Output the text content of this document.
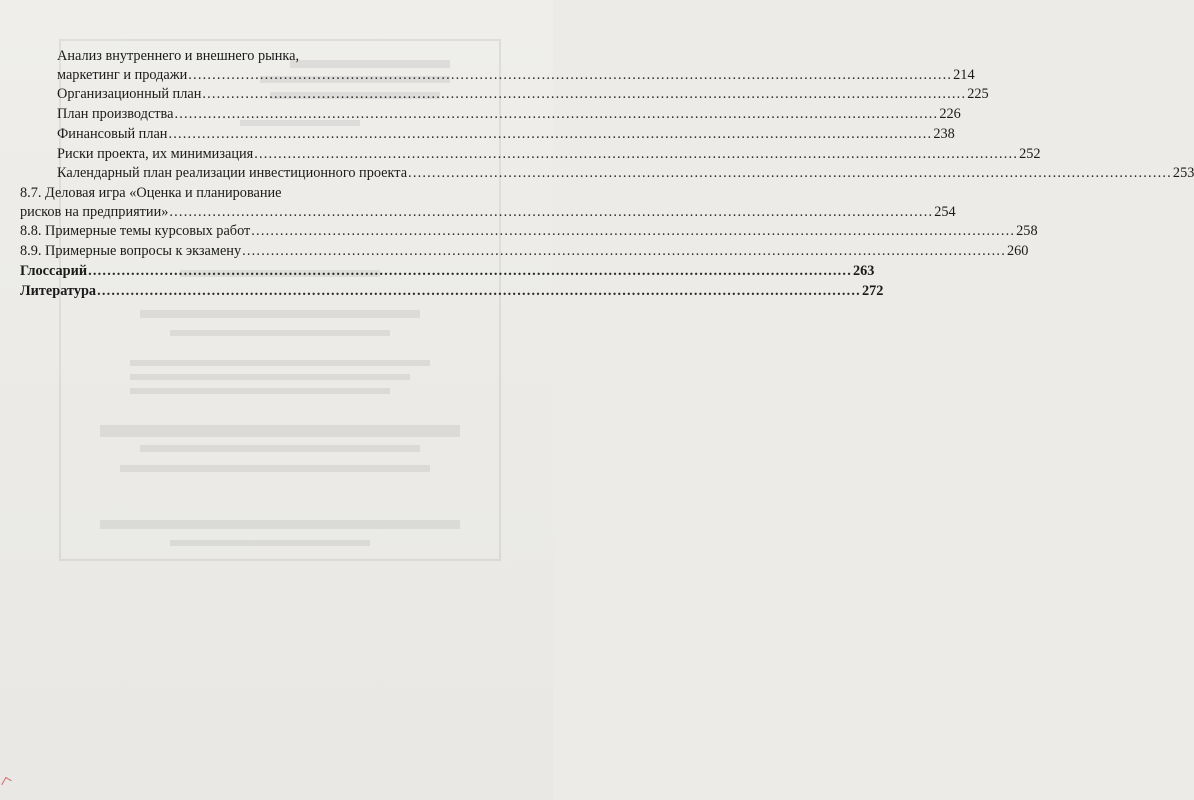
Анализ внутреннего и внешнего рынка,
маркетинг и продажи ................................................................................................................................................................ 214
Организационный план ................................................................................................................................................................ 225
План производства ................................................................................................................................................................ 226
Финансовый план ................................................................................................................................................................ 238
Риски проекта, их минимизация ................................................................................................................................................................ 252
Календарный план реализации инвестиционного проекта ................................................................................................................................................................ 253
8.7. Деловая игра «Оценка и планирование
рисков на предприятии» ................................................................................................................................................................ 254
8.8. Примерные темы курсовых работ ................................................................................................................................................................ 258
8.9. Примерные вопросы к экзамену ................................................................................................................................................................ 260
Глоссарий ................................................................................................................................................................ 263
Литература ................................................................................................................................................................ 272
